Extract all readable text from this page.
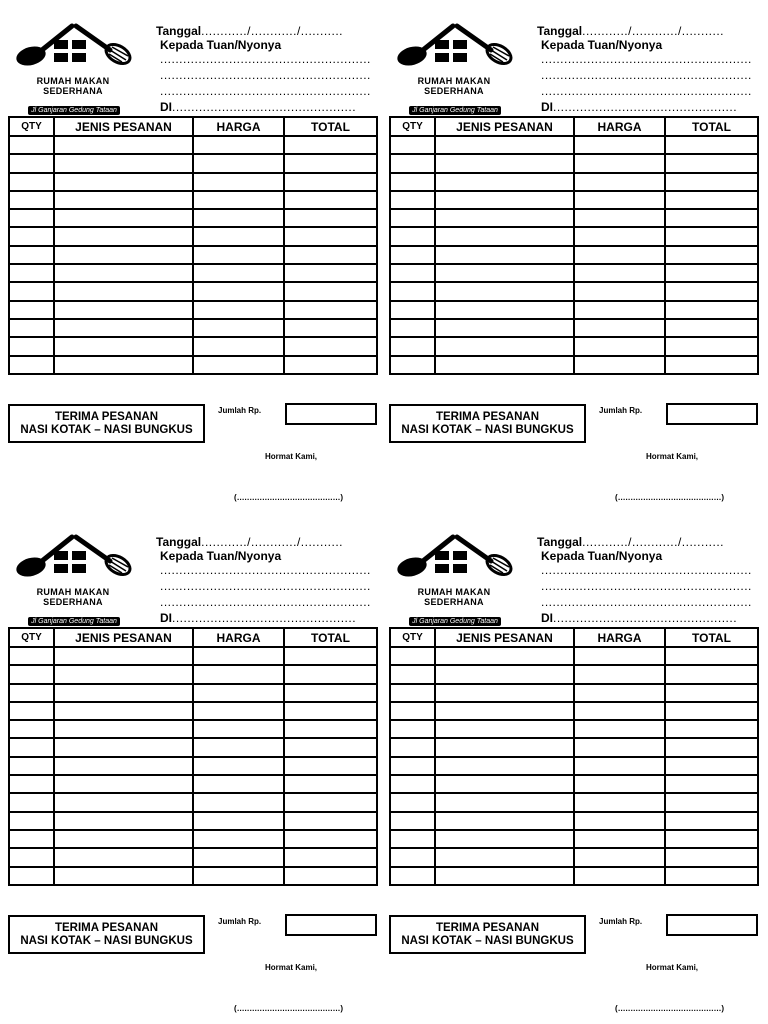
RUMAH MAKAN
SEDERHANA
Jl Ganjaran Gedung Tataan
Tanggal............/............/...........
Kepada Tuan/Nyonya
.......................................................
.......................................................
.......................................................
DI................................................
QTY	JENIS PESANAN	HARGA	TOTAL

TERIMA PESANAN
NASI KOTAK – NASI BUNGKUS
Jumlah Rp.
Hormat Kami,
(.........................................)
RUMAH MAKAN
SEDERHANA
Jl Ganjaran Gedung Tataan
Tanggal............/............/...........
Kepada Tuan/Nyonya
.......................................................
.......................................................
.......................................................
DI................................................
QTY	JENIS PESANAN	HARGA	TOTAL

TERIMA PESANAN
NASI KOTAK – NASI BUNGKUS
Jumlah Rp.
Hormat Kami,
(.........................................)
RUMAH MAKAN
SEDERHANA
Jl Ganjaran Gedung Tataan
Tanggal............/............/...........
Kepada Tuan/Nyonya
.......................................................
.......................................................
.......................................................
DI................................................
QTY	JENIS PESANAN	HARGA	TOTAL

TERIMA PESANAN
NASI KOTAK – NASI BUNGKUS
Jumlah Rp.
Hormat Kami,
(.........................................)
RUMAH MAKAN
SEDERHANA
Jl Ganjaran Gedung Tataan
Tanggal............/............/...........
Kepada Tuan/Nyonya
.......................................................
.......................................................
.......................................................
DI................................................
QTY	JENIS PESANAN	HARGA	TOTAL

TERIMA PESANAN
NASI KOTAK – NASI BUNGKUS
Jumlah Rp.
Hormat Kami,
(.........................................)
